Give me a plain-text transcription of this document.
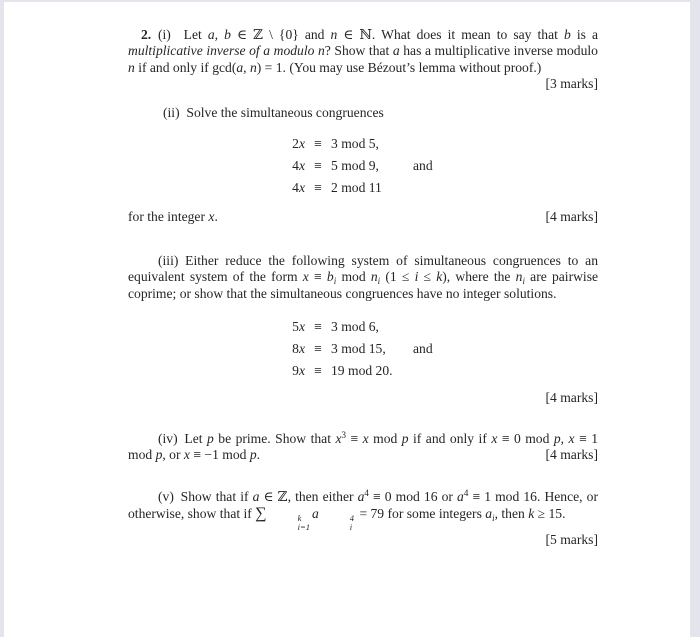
2. (i)  Let a, b ∈ ℤ \ {0} and n ∈ ℕ. What does it mean to say that b is a multiplicative inverse of a modulo n? Show that a has a multiplicative inverse modulo n if and only if gcd(a, n) = 1. (You may use Bézout’s lemma without proof.)
[3 marks]

(ii) Solve the simultaneous congruences

2x ≡ 3 mod 5,
4x ≡ 5 mod 9,	and
4x ≡ 2 mod 11

for the integer x.	[4 marks]

(iii) Either reduce the following system of simultaneous congruences to an equivalent system of the form $x \equiv b_i$ mod $n_i$ (1 ≤ i ≤ k), where the $n_i$ are pairwise coprime; or show that the simultaneous congruences have no integer solutions.

5x ≡ 3 mod 6,
8x ≡ 3 mod 15,	and
9x ≡ 19 mod 20.

[4 marks]

(iv) Let p be prime. Show that $x^3 \equiv x$ mod p if and only if x ≡ 0 mod p, x ≡ 1 mod p, or x ≡ −1 mod p.	[4 marks]

(v) Show that if a ∈ ℤ, then either $a^4 \equiv 0$ mod 16 or $a^4 \equiv 1$ mod 16. Hence, or otherwise, show that if ∑	k
i=1
a	4
i
= 79 for some integers $a_i$, then k ≥ 15.

[5 marks]
